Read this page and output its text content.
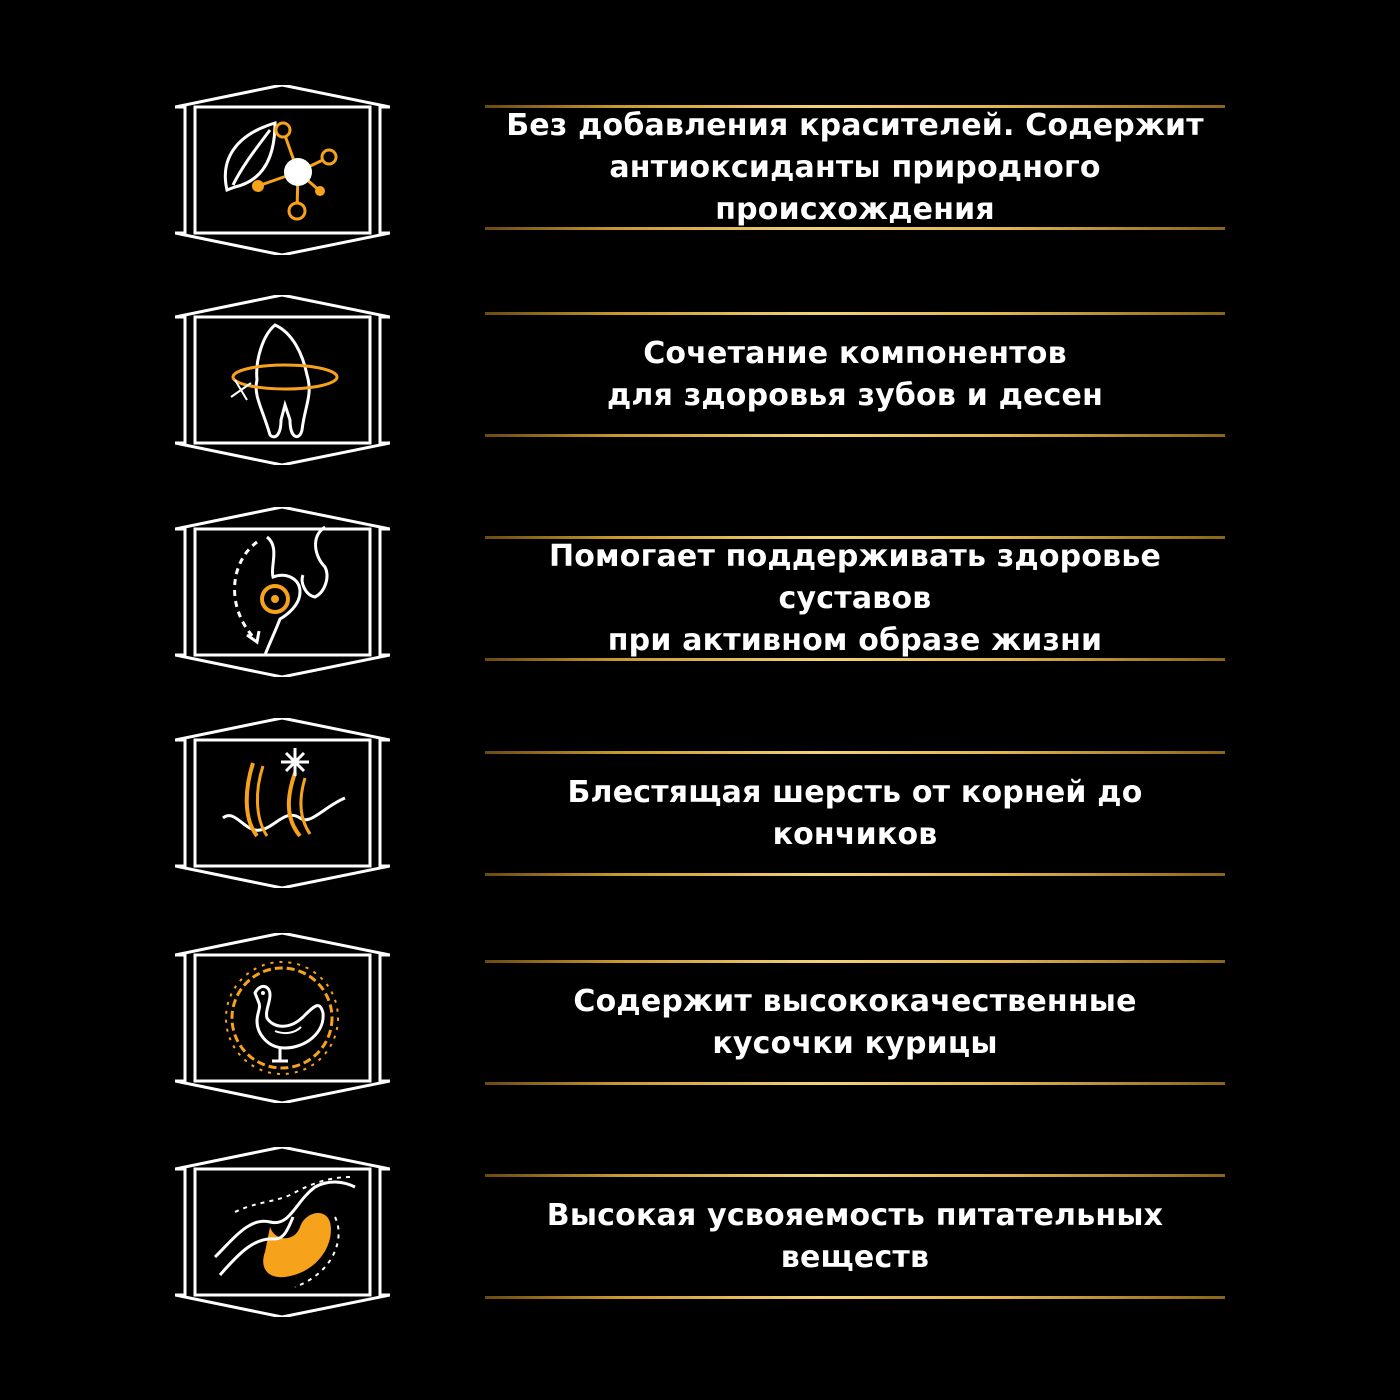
Без добавления красителей. Содержит
антиоксиданты природного происхождения
Сочетание компонентов
для здоровья зубов и десен
Помогает поддерживать здоровье суставов
при активном образе жизни
Блестящая шерсть от корней до кончиков
Содержит высококачественные
кусочки курицы
Высокая усвояемость питательных веществ
